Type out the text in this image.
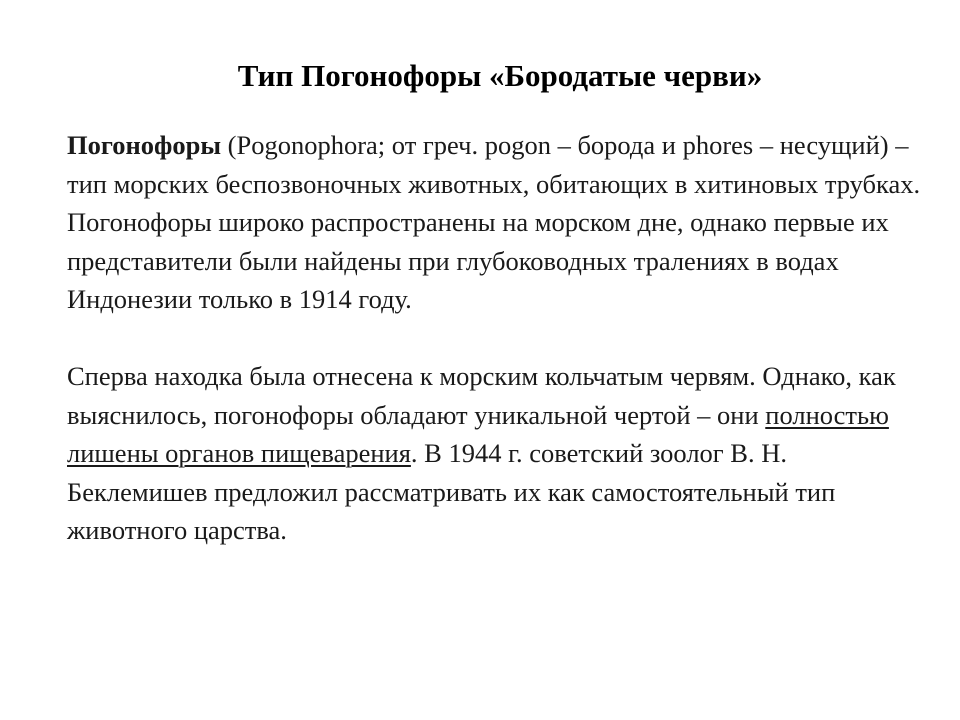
Тип Погонофоры «Бородатые черви»

Погонофоры (Pogonophora; от греч. pogon – борода и phores – несущий) – тип морских беспозвоночных животных, обитающих в хитиновых трубках. Погонофоры широко распространены на морском дне, однако первые их представители были найдены при глубоководных тралениях в водах Индонезии только в 1914 году.

Сперва находка была отнесена к морским кольчатым червям. Однако, как выяснилось, погонофоры обладают уникальной чертой – они полностью лишены органов пищеварения. В 1944 г. советский зоолог В. Н. Беклемишев предложил рассматривать их как самостоятельный тип животного царства.
